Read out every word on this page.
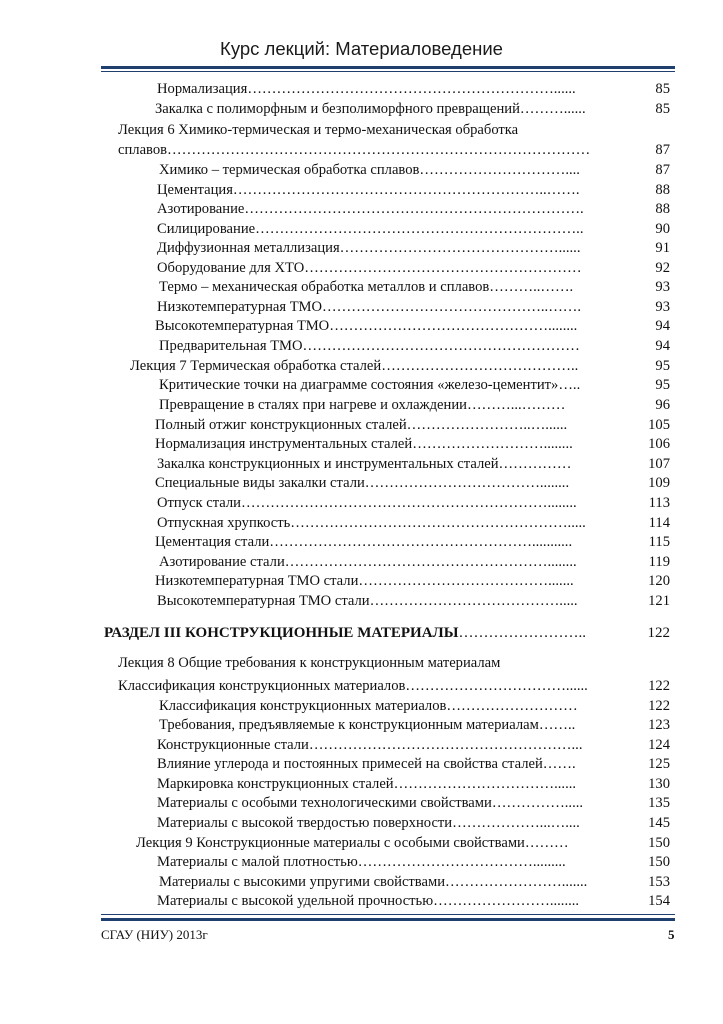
Курс лекций: Материаловедение
Нормализация………………………………………………………......	85
Закалка с полиморфным и безполиморфного превращений………......	85
Лекция 6 Химико-термическая и термо-механическая обработка
сплавов……………………………………………………………………………	87
Химико – термическая обработка сплавов…………………………....	87
Цементация………………………………………………………..…….	88
Азотирование…………………………………………………………….	88
Силицирование…………………………………………………………..	90
Диффузионная металлизация………………………………………......	91
Оборудование для ХТО…………………………………………………	92
Термо – механическая обработка металлов и сплавов………..…….	93
Низкотемпературная ТМО………………………………………..…….	93
Высокотемпературная ТМО………………………………………........	94
Предварительная ТМО…………………………………………………	94
Лекция 7 Термическая обработка сталей…………………………………..	95
Критические точки на диаграмме состояния «железо-цементит»…..	95
Превращение в сталях при нагреве и охлаждении………...………	96
Полный отжиг конструкционных сталей……………………..…......	105
Нормализация инструментальных сталей………………………........	106
Закалка конструкционных и инструментальных сталей……………	107
Специальные виды закалки стали………………………………........	109
Отпуск стали………………………………………………………........	113
Отпускная хрупкость………………………………………………….....	114
Цементация стали………………………………………………...........	115
Азотирование стали………………………………………………........	119
Низкотемпературная ТМО стали………………………………….......	120
Высокотемпературная ТМО стали………………………………….....	121
РАЗДЕЛ III КОНСТРУКЦИОННЫЕ МАТЕРИАЛЫ……………………..	122
Лекция 8 Общие требования к конструкционным материалам
Классификация конструкционных материалов……………………………......	122
Классификация конструкционных материалов………………………	122
Требования, предъявляемые к конструкционным материалам……..	123
Конструкционные стали………………………………………………...	124
Влияние углерода и постоянных примесей на свойства сталей…….	125
Маркировка конструкционных сталей……………………………......	130
Материалы с особыми технологическими свойствами…………….....	135
Материалы с высокой твердостью поверхности………………...…....	145
Лекция 9 Конструкционные материалы с особыми свойствами………	150
Материалы с малой плотностью……………………………….........	150
Материалы с высокими упругими свойствами…………………….......	153
Материалы с высокой удельной прочностью……………………........	154
СГАУ (НИУ) 2013г	5
